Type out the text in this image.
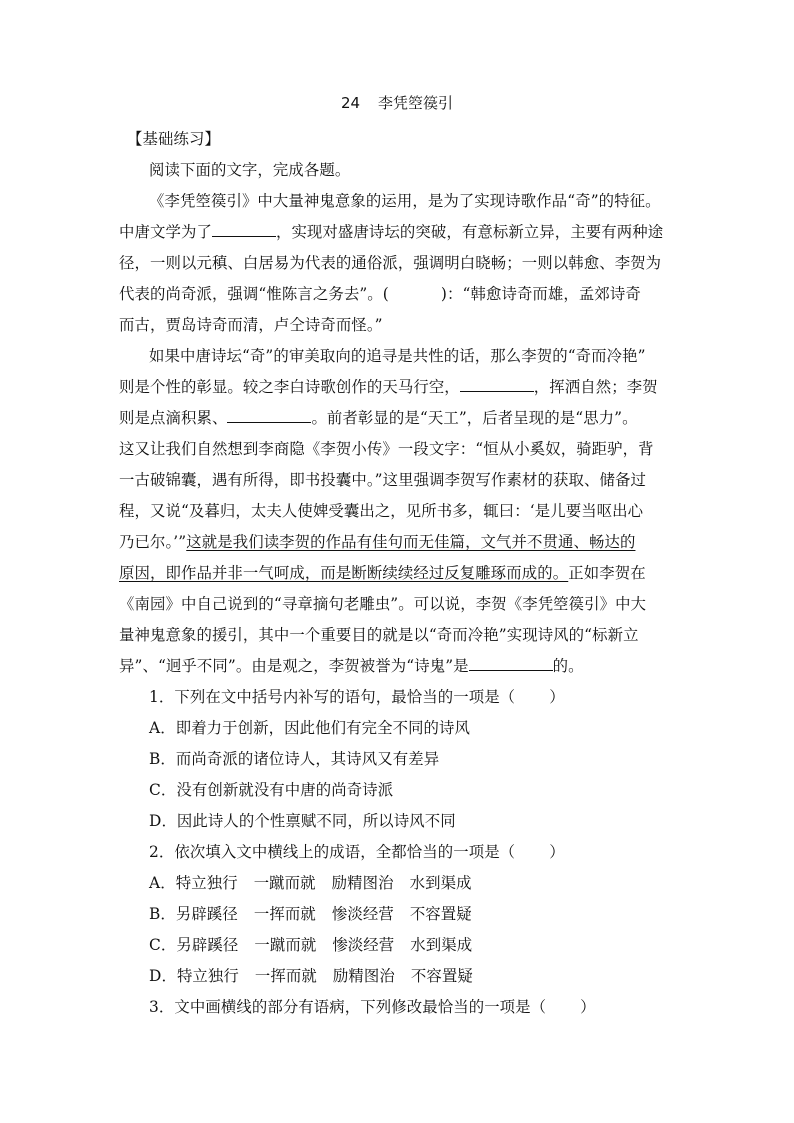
24 李凭箜篌引
【基础练习】
阅读下面的文字，完成各题。
《李凭箜篌引》中大量神鬼意象的运用，是为了实现诗歌作品“奇”的特征。
中唐文学为了	，实现对盛唐诗坛的突破，有意标新立异，主要有两种途
径，一则以元稹、白居易为代表的通俗派，强调明白晓畅；一则以韩愈、李贺为
代表的尚奇派，强调“惟陈言之务去”。(	)：“韩愈诗奇而雄，孟郊诗奇
而古，贾岛诗奇而清，卢仝诗奇而怪。”
如果中唐诗坛“奇”的审美取向的追寻是共性的话，那么李贺的“奇而冷艳”
则是个性的彰显。较之李白诗歌创作的天马行空，	，挥洒自然；李贺
则是点滴积累、	。前者彰显的是“天工”，后者呈现的是“思力”。
这又让我们自然想到李商隐《李贺小传》一段文字：“恒从小奚奴，骑距驴，背
一古破锦囊，遇有所得，即书投囊中。”这里强调李贺写作素材的获取、储备过
程，又说“及暮归，太夫人使婢受囊出之，见所书多，辄曰：‘是儿要当呕出心
乃已尔。’”这就是我们读李贺的作品有佳句而无佳篇，文气并不贯通、畅达的
原因，即作品并非一气呵成，而是断断续续经过反复雕琢而成的。正如李贺在
《南园》中自己说到的“寻章摘句老雕虫”。可以说，李贺《李凭箜篌引》中大
量神鬼意象的援引，其中一个重要目的就是以“奇而冷艳”实现诗风的“标新立
异”、“迥乎不同”。由是观之，李贺被誉为“诗鬼”是	的。
1．下列在文中括号内补写的语句，最恰当的一项是（ ）
A．即着力于创新，因此他们有完全不同的诗风
B．而尚奇派的诸位诗人，其诗风又有差异
C．没有创新就没有中唐的尚奇诗派
D．因此诗人的个性禀赋不同，所以诗风不同
2．依次填入文中横线上的成语，全都恰当的一项是（ ）
A．特立独行 一蹴而就 励精图治 水到渠成
B．另辟蹊径 一挥而就 惨淡经营 不容置疑
C．另辟蹊径 一蹴而就 惨淡经营 水到渠成
D．特立独行 一挥而就 励精图治 不容置疑
3．文中画横线的部分有语病，下列修改最恰当的一项是（ ）
